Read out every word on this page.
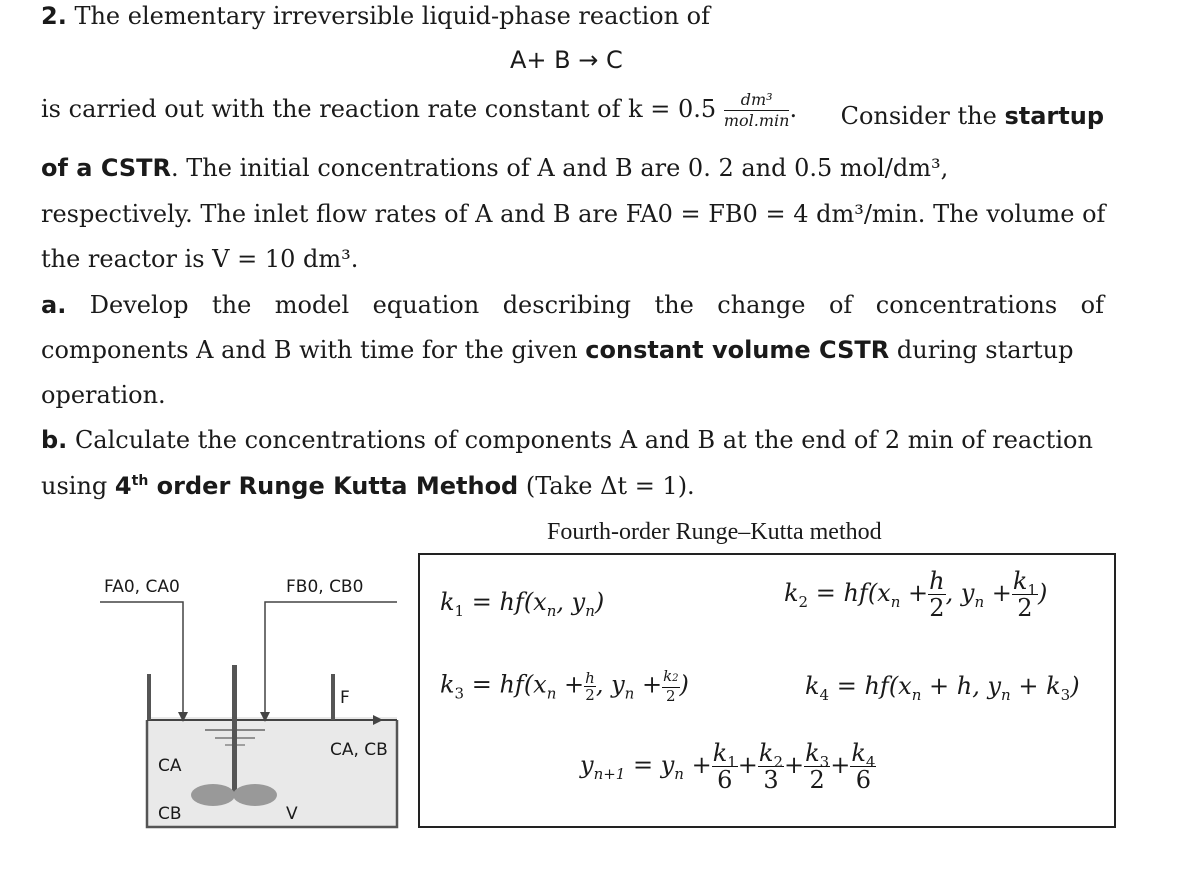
2. The elementary irreversible liquid-phase reaction of
A+ B → C
is carried out with the reaction rate constant of $k = 0.5 \frac{\text{dm³}}{\text{mol.min}}$ . Consider the startup
of a CSTR. The initial concentrations of A and B are 0. 2 and 0.5 mol/dm³,
respectively. The inlet flow rates of A and B are FA0 = FB0 = 4 dm³/min. The volume of
the reactor is V = 10 dm³.
a. Develop the model equation describing the change of concentrations of
components A and B with time for the given constant volume CSTR during startup
operation.
b. Calculate the concentrations of components A and B at the end of 2 min of reaction
using 4th order Runge Kutta Method (Take Δt = 1).
Fourth-order Runge–Kutta method
FA0, CA0	FB0, CB0
F
CA, CB
CA
CB	V
$k_1 = hf(x_n$, $y_n$)	$k_2 = hf(x_n + \frac{h}{2}$ , $y_n + \frac{k_1}{2}$ )
$k_3 = hf(x_n + \frac{h}{2}$ , $y_n + \frac{k2}{2}$ )	$k_4 = hf(x_n + h$, $y_n + k_3$)
$y_{n+1} = y_n + \frac{k_1}{6} + \frac{k_2}{3} + \frac{k_3}{2} + \frac{k_4}{6}$
